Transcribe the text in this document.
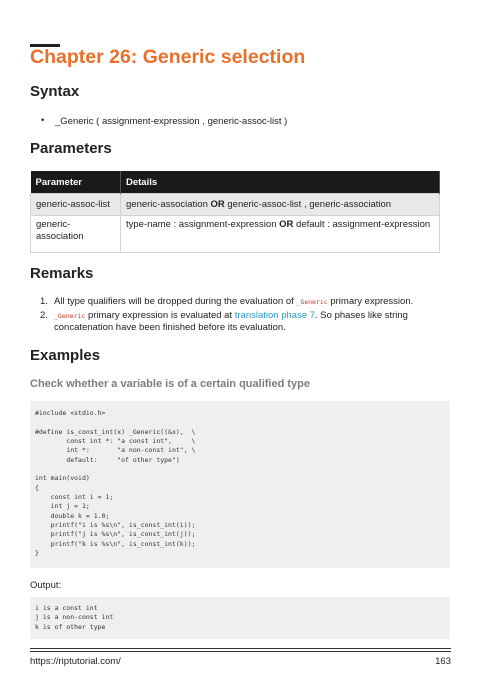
Chapter 26: Generic selection
Syntax
• _Generic ( assignment-expression , generic-assoc-list )
Parameters
Parameter	Details
generic-assoc-list	generic-association OR generic-assoc-list , generic-association
generic-association	type-name : assignment-expression OR default : assignment-expression
Remarks
1. All type qualifiers will be dropped during the evaluation of _Generic primary expression.
2. _Generic primary expression is evaluated at translation phase 7. So phases like string concatenation have been finished before its evaluation.
Examples
Check whether a variable is of a certain qualified type
#include <stdio.h>

#define is_const_int(x) _Generic((&x),  \
const int *: "a const int",     \
int *:       "a non-const int", \
default:     "of other type")

int main(void)
{
const int i = 1;
int j = 1;
double k = 1.0;
printf("i is %s\n", is_const_int(i));
printf("j is %s\n", is_const_int(j));
printf("k is %s\n", is_const_int(k));
}
Output:
i is a const int
j is a non-const int
k is of other type
https://riptutorial.com/	163
